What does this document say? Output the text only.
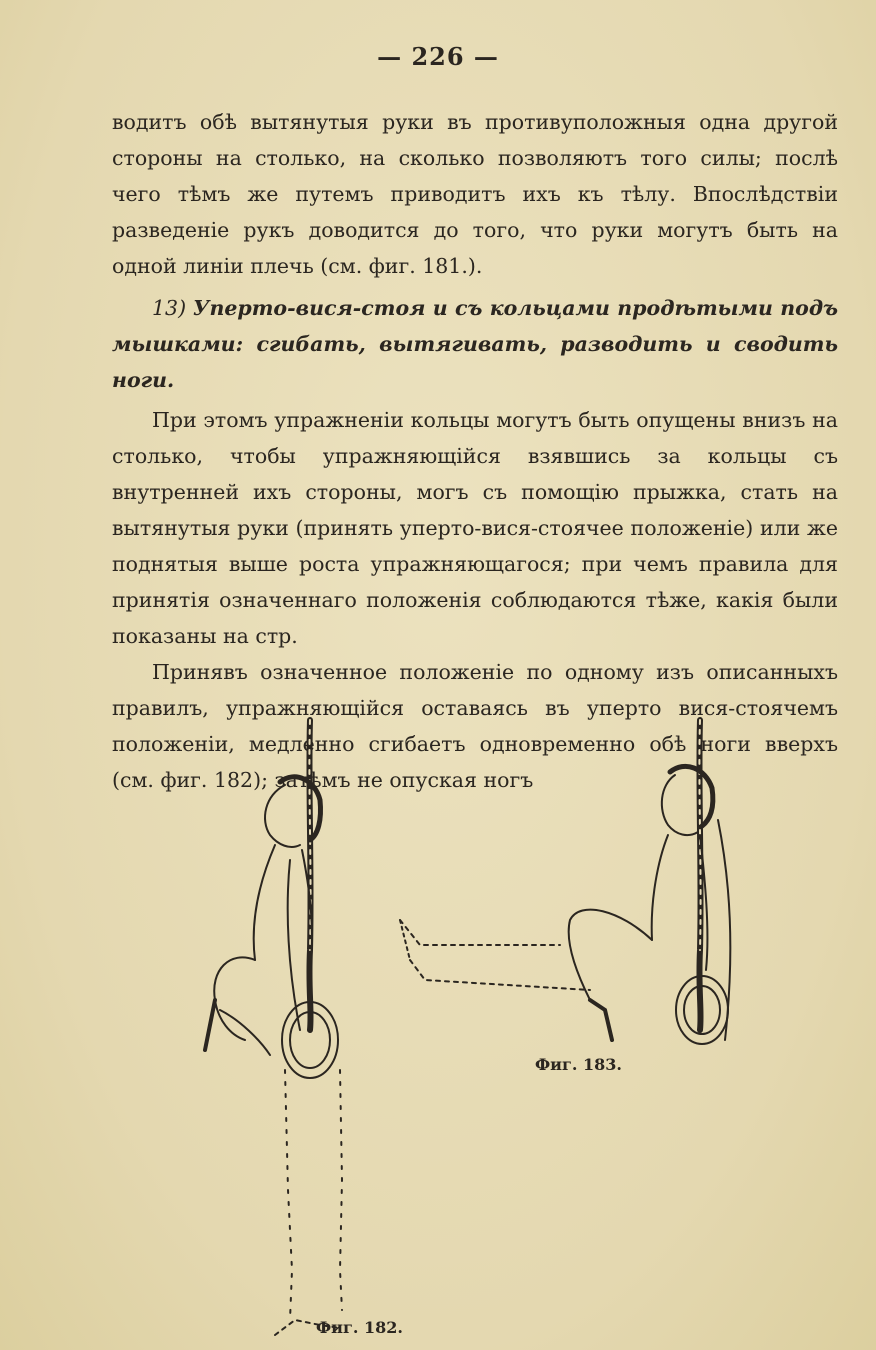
— 226 —

водитъ обѣ вытянутыя руки въ противуположныя одна другой стороны на столько, на сколько позволяютъ того силы; послѣ чего тѣмъ же путемъ приводитъ ихъ къ тѣлу. Впослѣдствіи разведеніе рукъ доводится до того, что руки могутъ быть на одной линіи плечь (см. фиг. 181.).

13) Уперто-вися-стоя и съ кольцами продѣтыми подъ мышками: сгибать, вытягивать, разводить и сводить ноги.

При этомъ упражненіи кольцы могутъ быть опущены внизъ на столько, чтобы упражняющійся взявшись за кольцы съ внутренней ихъ стороны, могъ съ помощію прыжка, стать на вытянутыя руки (принять уперто-вися-стоячее положеніе) или же поднятыя выше роста упражняющагося; при чемъ правила для принятія означеннаго положенія соблюдаются тѣже, какія были показаны на стр.

Принявъ означенное положеніе по одному изъ описанныхъ правилъ, упражняющійся оставаясь въ уперто вися-стоячемъ положеніи, медленно сгибаетъ одновременно обѣ ноги вверхъ (см. фиг. 182); затѣмъ не опуская ногъ

Фиг. 182.
Фиг. 183.
